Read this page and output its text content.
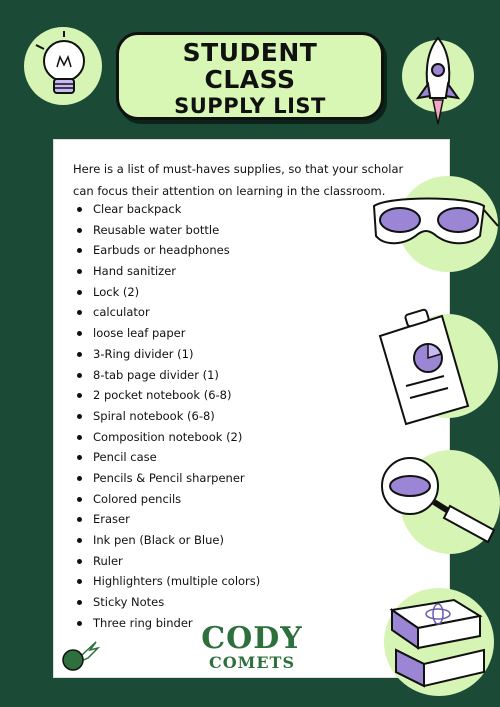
STUDENT
CLASS
SUPPLY LIST
Here is a list of must-haves supplies, so that your scholar can focus their attention on learning in the classroom.
Clear backpack
Reusable water bottle
Earbuds or headphones
Hand sanitizer
Lock (2)
calculator
loose leaf paper
3-Ring divider (1)
8-tab page divider (1)
2 pocket notebook (6-8)
Spiral notebook (6-8)
Composition notebook (2)
Pencil case
Pencils & Pencil sharpener
Colored pencils
Eraser
Ink pen (Black or Blue)
Ruler
Highlighters (multiple colors)
Sticky Notes
Three ring binder CODY
COMETS
